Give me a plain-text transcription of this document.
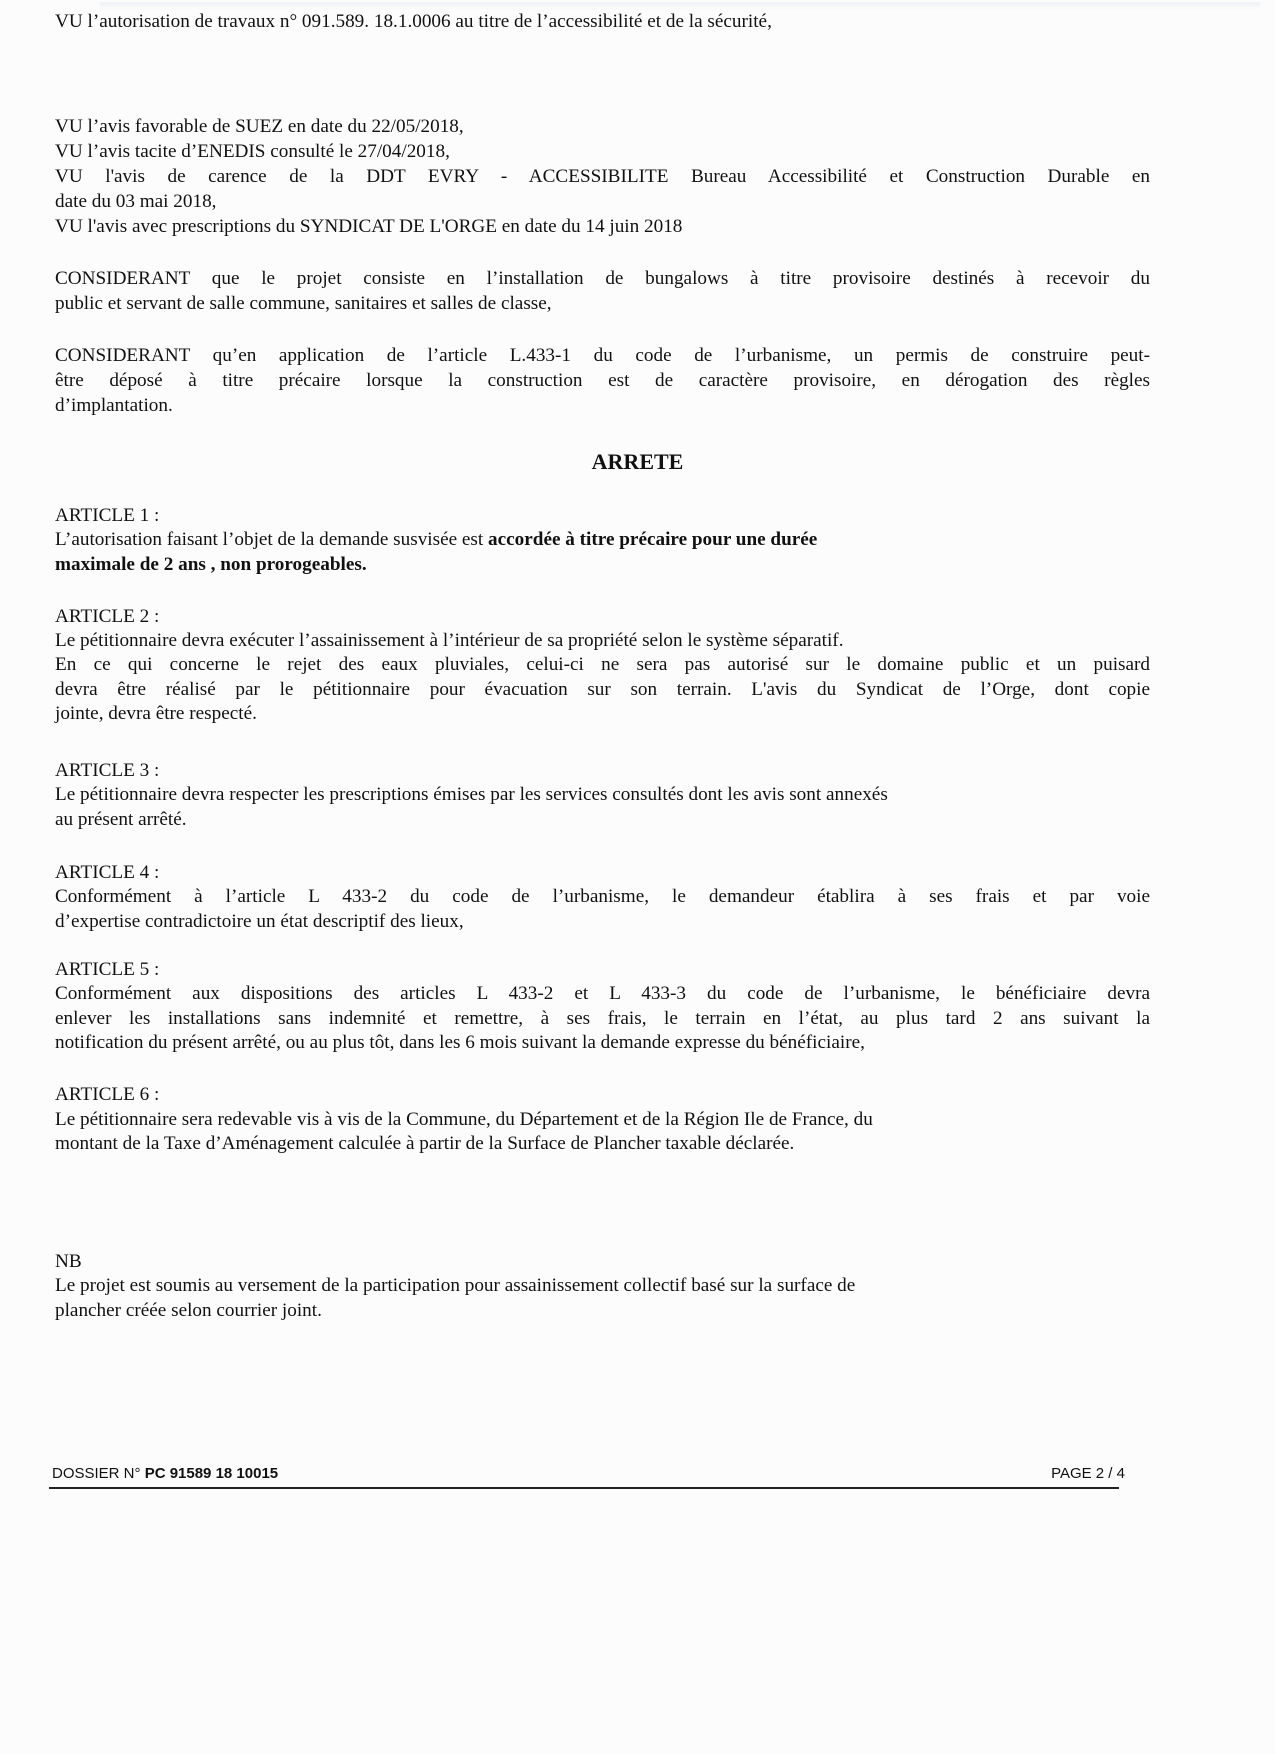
VU l’autorisation de travaux n° 091.589. 18.1.0006 au titre de l’accessibilité et de la sécurité,
VU l’avis favorable de SUEZ en date du 22/05/2018,
VU l’avis tacite d’ENEDIS consulté le 27/04/2018,
VU l'avis de carence de la DDT EVRY - ACCESSIBILITE Bureau Accessibilité et Construction Durable en
date du 03 mai 2018,
VU l'avis avec prescriptions du SYNDICAT DE L'ORGE en date du 14 juin 2018
CONSIDERANT que le projet consiste en l’installation de bungalows à titre provisoire destinés à recevoir du
public et servant de salle commune, sanitaires et salles de classe,
CONSIDERANT qu’en application de l’article L.433-1 du code de l’urbanisme, un permis de construire peut-
être déposé à titre précaire lorsque la construction est de caractère provisoire, en dérogation des règles
d’implantation.
ARRETE
ARTICLE 1 :
L’autorisation faisant l’objet de la demande susvisée est accordée à titre précaire pour une durée
maximale de 2 ans , non prorogeables.
ARTICLE 2 :
Le pétitionnaire devra exécuter l’assainissement à l’intérieur de sa propriété selon le système séparatif.
En ce qui concerne le rejet des eaux pluviales, celui-ci ne sera pas autorisé sur le domaine public et un puisard
devra être réalisé par le pétitionnaire pour évacuation sur son terrain. L'avis du Syndicat de l’Orge, dont copie
jointe, devra être respecté.
ARTICLE 3 :
Le pétitionnaire devra respecter les prescriptions émises par les services consultés dont les avis sont annexés
au présent arrêté.
ARTICLE 4 :
Conformément à l’article L 433-2 du code de l’urbanisme, le demandeur établira à ses frais et par voie
d’expertise contradictoire un état descriptif des lieux,
ARTICLE 5 :
Conformément aux dispositions des articles L 433-2 et L 433-3 du code de l’urbanisme, le bénéficiaire devra
enlever les installations sans indemnité et remettre, à ses frais, le terrain en l’état, au plus tard 2 ans suivant la
notification du présent arrêté, ou au plus tôt, dans les 6 mois suivant la demande expresse du bénéficiaire,
ARTICLE 6 :
Le pétitionnaire sera redevable vis à vis de la Commune, du Département et de la Région Ile de France, du
montant de la Taxe d’Aménagement calculée à partir de la Surface de Plancher taxable déclarée.
NB
Le projet est soumis au versement de la participation pour assainissement collectif basé sur la surface de
plancher créée selon courrier joint.
DOSSIER N° PC 91589 18 10015	PAGE 2 / 4
